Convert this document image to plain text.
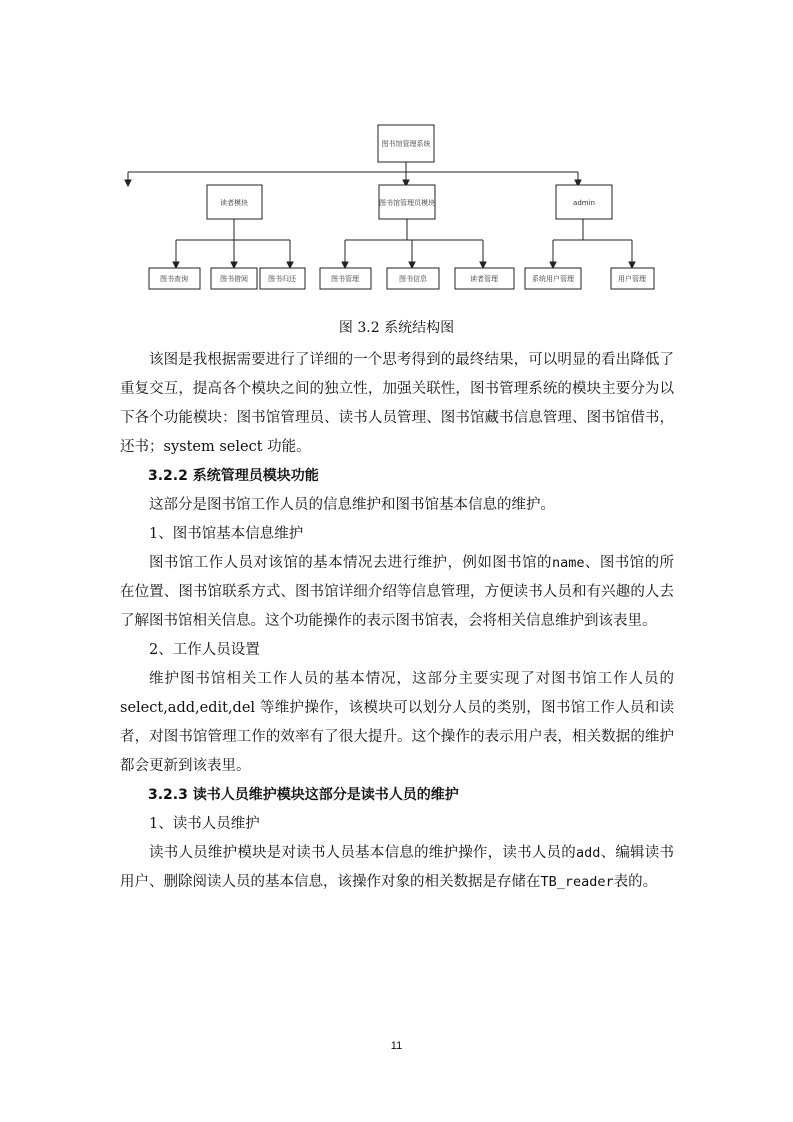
图书馆管理系统
读者模块	图书馆管理员模块	admin
图书查询	图书借阅	图书归还	图书管理	图书信息	读者管理	系统用户管理	用户管理
图 3.2 系统结构图

该图是我根据需要进行了详细的一个思考得到的最终结果，可以明显的看出降低了重复交互，提高各个模块之间的独立性，加强关联性，图书管理系统的模块主要分为以下各个功能模块：图书馆管理员、读书人员管理、图书馆藏书信息管理、图书馆借书，还书；system select 功能。

3.2.2 系统管理员模块功能

这部分是图书馆工作人员的信息维护和图书馆基本信息的维护。

1、图书馆基本信息维护

图书馆工作人员对该馆的基本情况去进行维护，例如图书馆的name、图书馆的所在位置、图书馆联系方式、图书馆详细介绍等信息管理，方便读书人员和有兴趣的人去了解图书馆相关信息。这个功能操作的表示图书馆表，会将相关信息维护到该表里。

2、工作人员设置

维护图书馆相关工作人员的基本情况，这部分主要实现了对图书馆工作人员的 select,add,edit,del 等维护操作，该模块可以划分人员的类别，图书馆工作人员和读者，对图书馆管理工作的效率有了很大提升。这个操作的表示用户表，相关数据的维护都会更新到该表里。

3.2.3 读书人员维护模块这部分是读书人员的维护

1、读书人员维护

读书人员维护模块是对读书人员基本信息的维护操作，读书人员的add、编辑读书用户、删除阅读人员的基本信息，该操作对象的相关数据是存储在TB_reader表的。

11
